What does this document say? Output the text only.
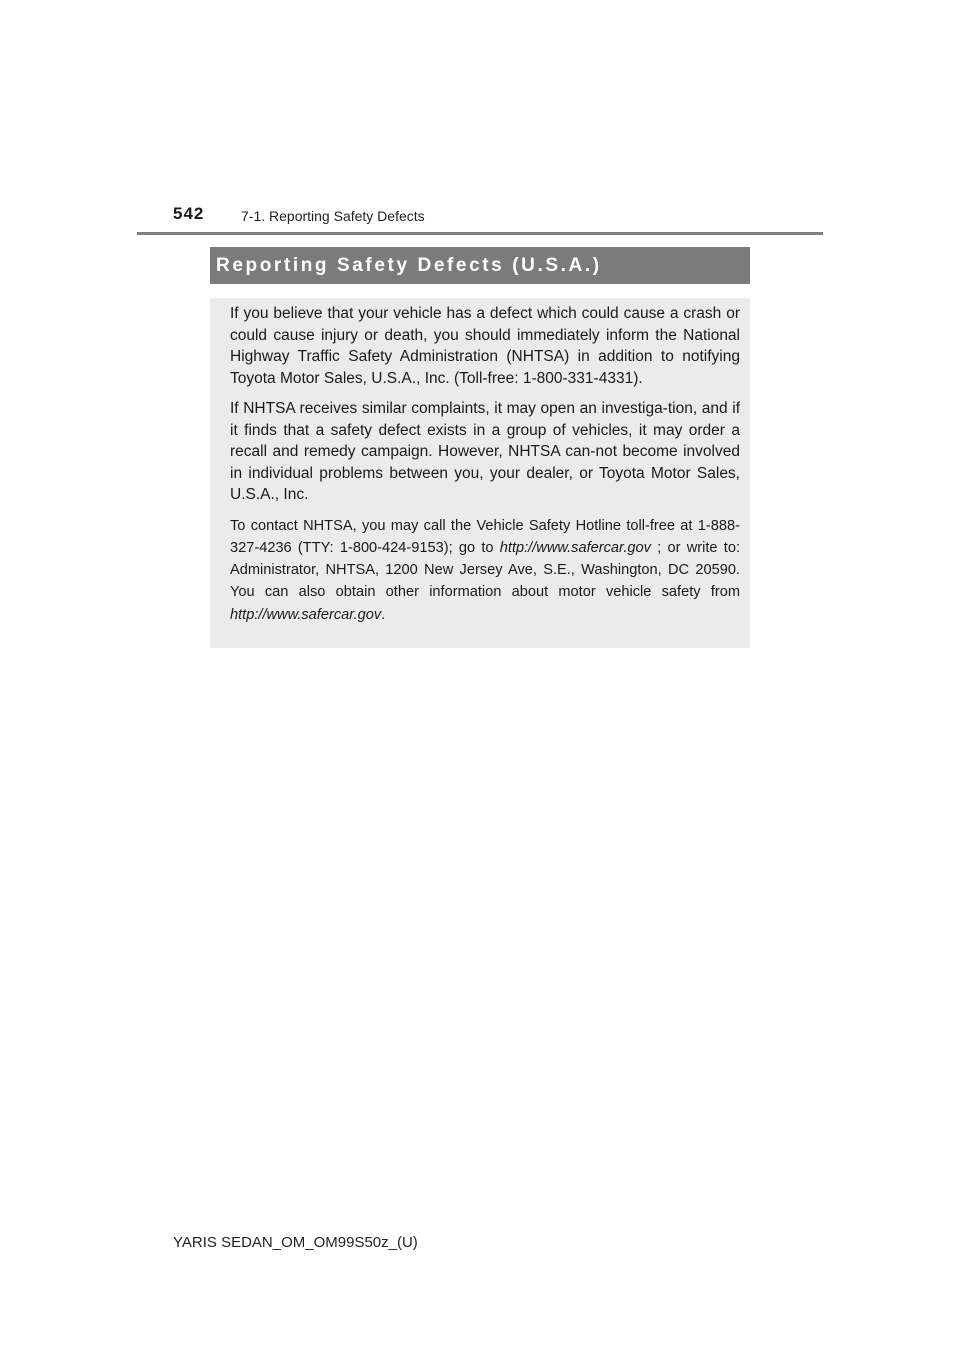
542	7-1. Reporting Safety Defects
Reporting Safety Defects (U.S.A.)

If you believe that your vehicle has a defect which could cause a crash or could cause injury or death, you should immediately inform the National Highway Traffic Safety Administration (NHTSA) in addition to notifying Toyota Motor Sales, U.S.A., Inc. (Toll-free: 1-800-331-4331).

If NHTSA receives similar complaints, it may open an investiga-tion, and if it finds that a safety defect exists in a group of vehicles, it may order a recall and remedy campaign. However, NHTSA can-not become involved in individual problems between you, your dealer, or Toyota Motor Sales, U.S.A., Inc.

To contact NHTSA, you may call the Vehicle Safety Hotline toll-free at 1-888-327-4236 (TTY: 1-800-424-9153); go to http://www.safercar.gov ; or write to: Administrator, NHTSA, 1200 New Jersey Ave, S.E., Washington, DC 20590. You can also obtain other information about motor vehicle safety from http://www.safercar.gov.

YARIS SEDAN_OM_OM99S50z_(U)
